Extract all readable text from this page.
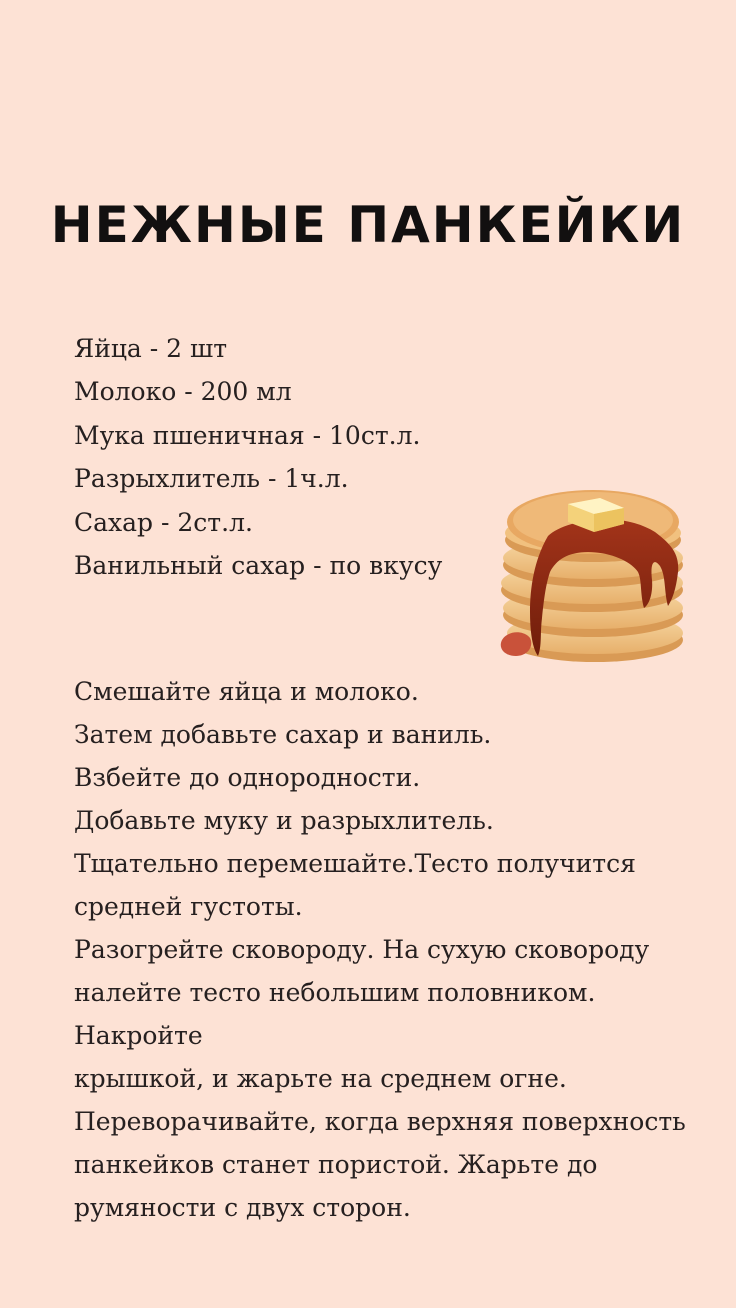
НЕЖНЫЕ ПАНКЕЙКИ
Яйца - 2 шт
Молоко - 200 мл
Мука пшеничная - 10ст.л.
Разрыхлитель - 1ч.л.
Сахар - 2ст.л.
Ванильный сахар - по вкусу

Смешайте яйца и молоко.
Затем добавьте сахар и ваниль.
Взбейте до однородности.
Добавьте муку и разрыхлитель.
Тщательно перемешайте.Тесто получится
средней густоты.
Разогрейте сковороду. На сухую сковороду
налейте тесто небольшим половником. Накройте
крышкой, и жарьте на среднем огне.
Переворачивайте, когда верхняя поверхность
панкейков станет пористой. Жарьте до
румяности с двух сторон.
